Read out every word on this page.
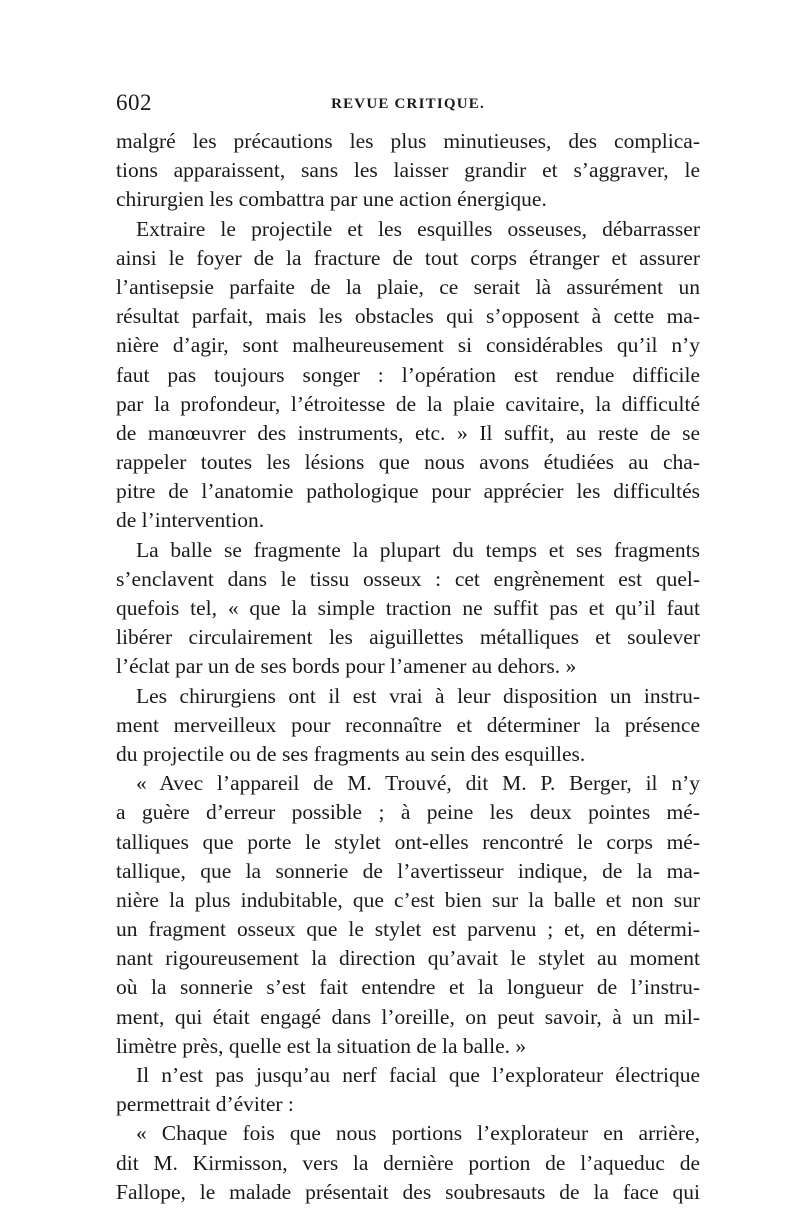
602	REVUE CRITIQUE.
malgré les précautions les plus minutieuses, des complica-
tions apparaissent, sans les laisser grandir et s’aggraver, le
chirurgien les combattra par une action énergique.
Extraire le projectile et les esquilles osseuses, débarrasser
ainsi le foyer de la fracture de tout corps étranger et assurer
l’antisepsie parfaite de la plaie, ce serait là assurément un
résultat parfait, mais les obstacles qui s’opposent à cette ma-
nière d’agir, sont malheureusement si considérables qu’il n’y
faut pas toujours songer : l’opération est rendue difficile
par la profondeur, l’étroitesse de la plaie cavitaire, la difficulté
de manœuvrer des instruments, etc. » Il suffit, au reste de se
rappeler toutes les lésions que nous avons étudiées au cha-
pitre de l’anatomie pathologique pour apprécier les difficultés
de l’intervention.
La balle se fragmente la plupart du temps et ses fragments
s’enclavent dans le tissu osseux : cet engrènement est quel-
quefois tel, « que la simple traction ne suffit pas et qu’il faut
libérer circulairement les aiguillettes métalliques et soulever
l’éclat par un de ses bords pour l’amener au dehors. »
Les chirurgiens ont il est vrai à leur disposition un instru-
ment merveilleux pour reconnaître et déterminer la présence
du projectile ou de ses fragments au sein des esquilles.
« Avec l’appareil de M. Trouvé, dit M. P. Berger, il n’y
a guère d’erreur possible ; à peine les deux pointes mé-
talliques que porte le stylet ont-elles rencontré le corps mé-
tallique, que la sonnerie de l’avertisseur indique, de la ma-
nière la plus indubitable, que c’est bien sur la balle et non sur
un fragment osseux que le stylet est parvenu ; et, en détermi-
nant rigoureusement la direction qu’avait le stylet au moment
où la sonnerie s’est fait entendre et la longueur de l’instru-
ment, qui était engagé dans l’oreille, on peut savoir, à un mil-
limètre près, quelle est la situation de la balle. »
Il n’est pas jusqu’au nerf facial que l’explorateur électrique
permettrait d’éviter :
« Chaque fois que nous portions l’explorateur en arrière,
dit M. Kirmisson, vers la dernière portion de l’aqueduc de
Fallope, le malade présentait des soubresauts de la face qui
